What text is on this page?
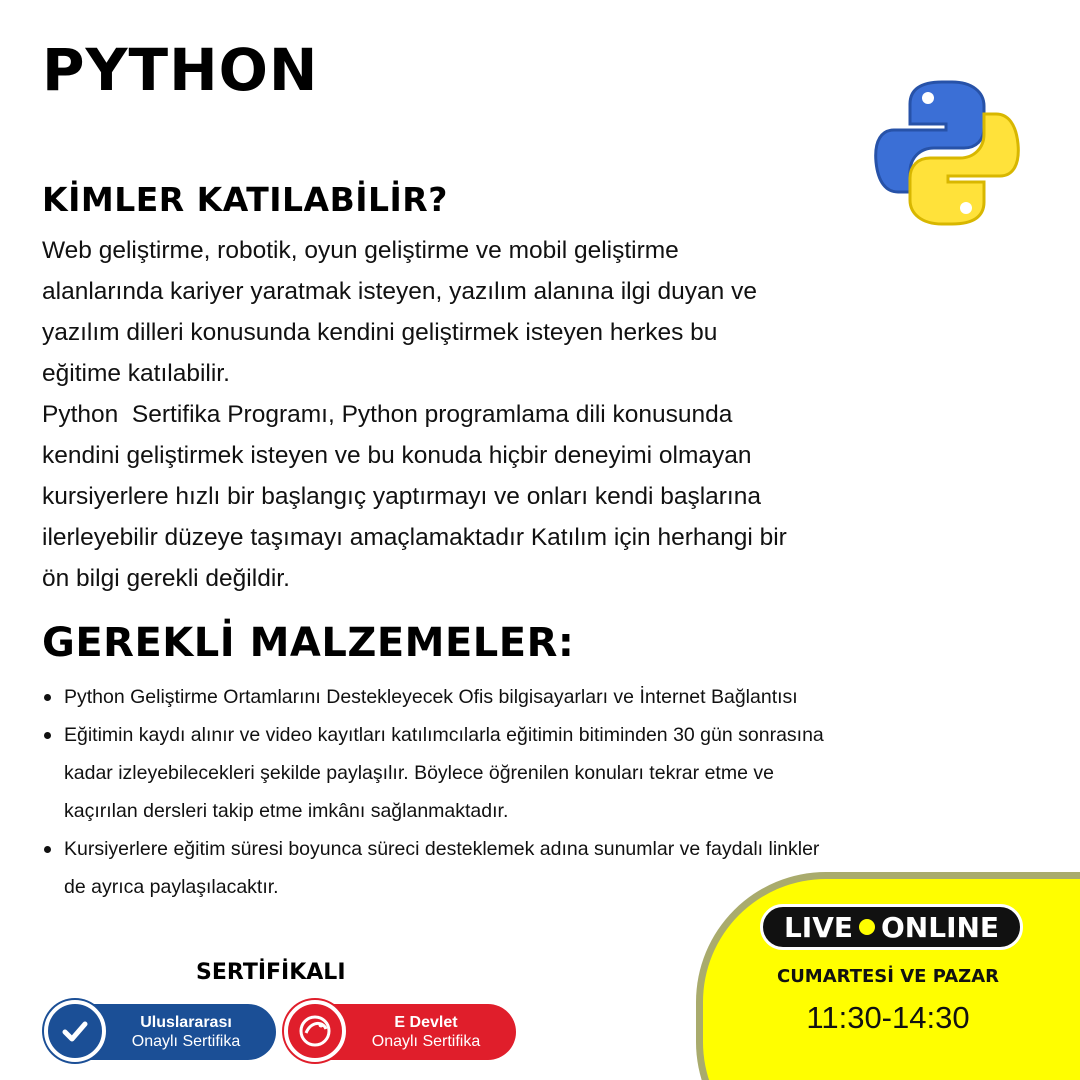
PYTHON
KİMLER KATILABİLİR?
Web geliştirme, robotik, oyun geliştirme ve mobil geliştirme
alanlarında kariyer yaratmak isteyen, yazılım alanına ilgi duyan ve
yazılım dilleri konusunda kendini geliştirmek isteyen herkes bu
eğitime katılabilir.
Python  Sertifika Programı, Python programlama dili konusunda
kendini geliştirmek isteyen ve bu konuda hiçbir deneyimi olmayan
kursiyerlere hızlı bir başlangıç yaptırmayı ve onları kendi başlarına
ilerleyebilir düzeye taşımayı amaçlamaktadır Katılım için herhangi bir
ön bilgi gerekli değildir.
GEREKLİ MALZEMELER:
Python Geliştirme Ortamlarını Destekleyecek Ofis bilgisayarları ve İnternet Bağlantısı
Eğitimin kaydı alınır ve video kayıtları katılımcılarla eğitimin bitiminden 30 gün sonrasına
kadar izleyebilecekleri şekilde paylaşılır. Böylece öğrenilen konuları tekrar etme ve
kaçırılan dersleri takip etme imkânı sağlanmaktadır.
Kursiyerlere eğitim süresi boyunca süreci desteklemek adına sunumlar ve faydalı linkler
de ayrıca paylaşılacaktır.
SERTİFİKALI
Uluslararası
Onaylı Sertifika
E Devlet
Onaylı Sertifika
LIVE ONLINE
CUMARTESİ VE PAZAR
11:30-14:30
